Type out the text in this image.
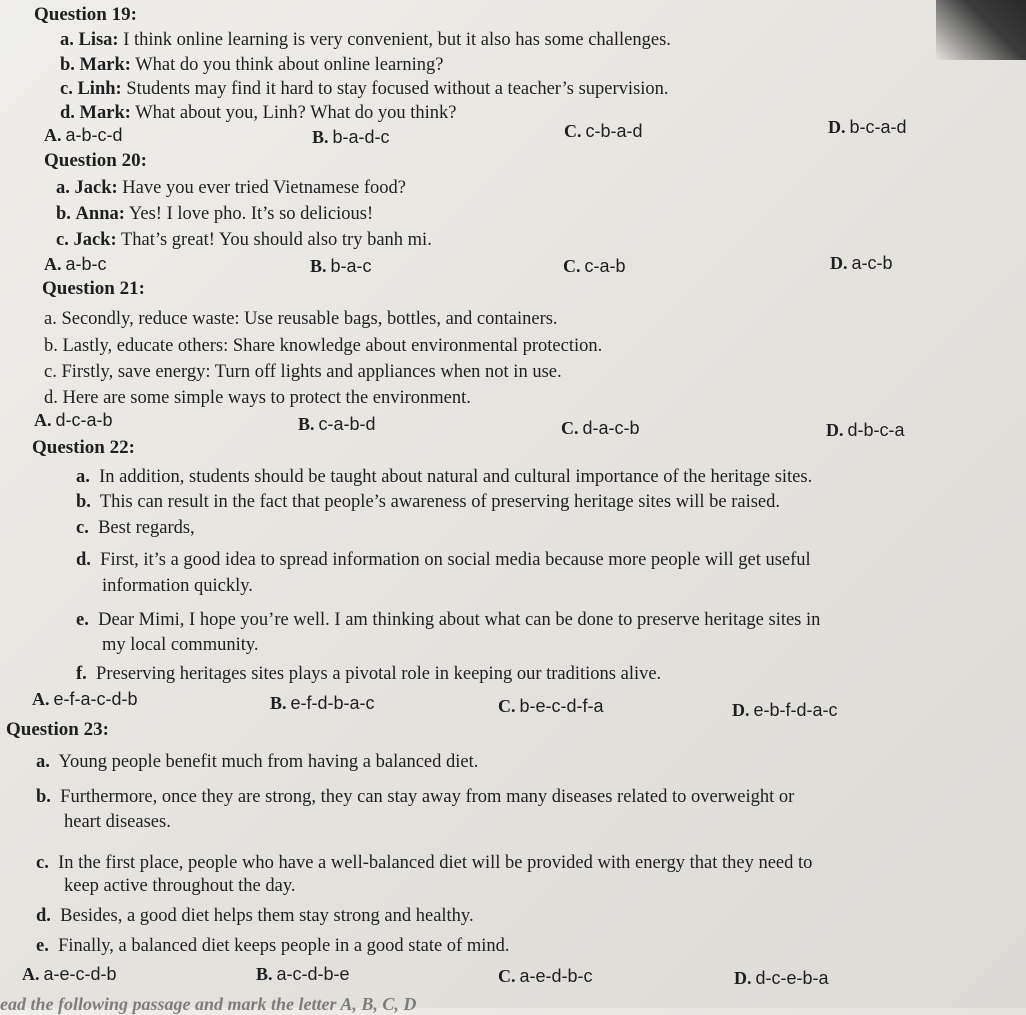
Question 19:
a. Lisa: I think online learning is very convenient, but it also has some challenges.
b. Mark: What do you think about online learning?
c. Linh: Students may find it hard to stay focused without a teacher’s supervision.
d. Mark: What about you, Linh? What do you think?
A. a-b-c-d	B. b-a-d-c	C. c-b-a-d	D. b-c-a-d
Question 20:
a. Jack: Have you ever tried Vietnamese food?
b. Anna: Yes! I love pho. It’s so delicious!
c. Jack: That’s great! You should also try banh mi.
A. a-b-c	B. b-a-c	C. c-a-b	D. a-c-b
Question 21:
a. Secondly, reduce waste: Use reusable bags, bottles, and containers.
b. Lastly, educate others: Share knowledge about environmental protection.
c. Firstly, save energy: Turn off lights and appliances when not in use.
d. Here are some simple ways to protect the environment.
A. d-c-a-b	B. c-a-b-d	C. d-a-c-b	D. d-b-c-a
Question 22:
a. In addition, students should be taught about natural and cultural importance of the heritage sites.
b. This can result in the fact that people’s awareness of preserving heritage sites will be raised.
c. Best regards,
d. First, it’s a good idea to spread information on social media because more people will get useful
information quickly.
e. Dear Mimi, I hope you’re well. I am thinking about what can be done to preserve heritage sites in
my local community.
f. Preserving heritages sites plays a pivotal role in keeping our traditions alive.
A. e-f-a-c-d-b	B. e-f-d-b-a-c	C. b-e-c-d-f-a	D. e-b-f-d-a-c
Question 23:
a. Young people benefit much from having a balanced diet.
b. Furthermore, once they are strong, they can stay away from many diseases related to overweight or
heart diseases.
c. In the first place, people who have a well-balanced diet will be provided with energy that they need to
keep active throughout the day.
d. Besides, a good diet helps them stay strong and healthy.
e. Finally, a balanced diet keeps people in a good state of mind.
A. a-e-c-d-b	B. a-c-d-b-e	C. a-e-d-b-c	D. d-c-e-b-a
ead the following passage and mark the letter A, B, C, D
